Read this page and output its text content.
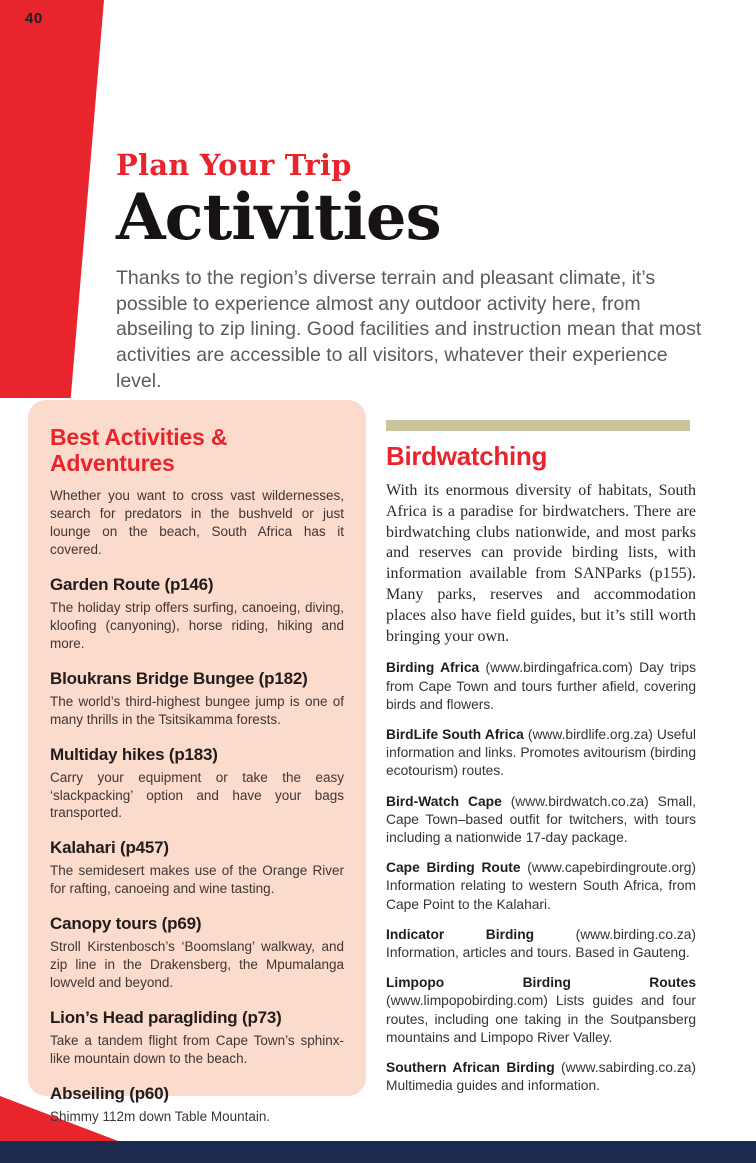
40
Plan Your Trip
Activities

Thanks to the region’s diverse terrain and pleasant climate, it’s possible to experience almost any outdoor activity here, from abseiling to zip lining. Good facilities and instruction mean that most activities are accessible to all visitors, whatever their experience level.

Best Activities & Adventures

Whether you want to cross vast wildernesses, search for predators in the bushveld or just lounge on the beach, South Africa has it covered.

Garden Route (p146)

The holiday strip offers surfing, canoeing, diving, kloofing (canyoning), horse riding, hiking and more.

Bloukrans Bridge Bungee (p182)

The world’s third-highest bungee jump is one of many thrills in the Tsitsikamma forests.

Multiday hikes (p183)

Carry your equipment or take the easy ‘slackpacking’ option and have your bags transported.

Kalahari (p457)

The semidesert makes use of the Orange River for rafting, canoeing and wine tasting.

Canopy tours (p69)

Stroll Kirstenbosch’s ‘Boomslang’ walkway, and zip line in the Drakensberg, the Mpumalanga lowveld and beyond.

Lion’s Head paragliding (p73)

Take a tandem flight from Cape Town’s sphinx-like mountain down to the beach.

Abseiling (p60)

Shimmy 112m down Table Mountain.

Birdwatching

With its enormous diversity of habitats, South Africa is a paradise for birdwatchers. There are birdwatching clubs nationwide, and most parks and reserves can provide birding lists, with information available from SANParks (p155). Many parks, reserves and accommodation places also have field guides, but it’s still worth bringing your own.

Birding Africa (www.birdingafrica.com) Day trips from Cape Town and tours further afield, covering birds and flowers.

BirdLife South Africa (www.birdlife.org.za) Useful information and links. Promotes avitourism (birding ecotourism) routes.

Bird-Watch Cape (www.birdwatch.co.za) Small, Cape Town–based outfit for twitchers, with tours including a nationwide 17-day package.

Cape Birding Route (www.capebirdingroute.org) Information relating to western South Africa, from Cape Point to the Kalahari.

Indicator Birding	(www.birding.co.za) Information, articles and tours. Based in Gauteng.

Limpopo Birding Routes (www.limpopobirding.com) Lists guides and four routes, including one taking in the Soutpansberg mountains and Limpopo River Valley.

Southern African Birding (www.sabirding.co.za) Multimedia guides and information.
